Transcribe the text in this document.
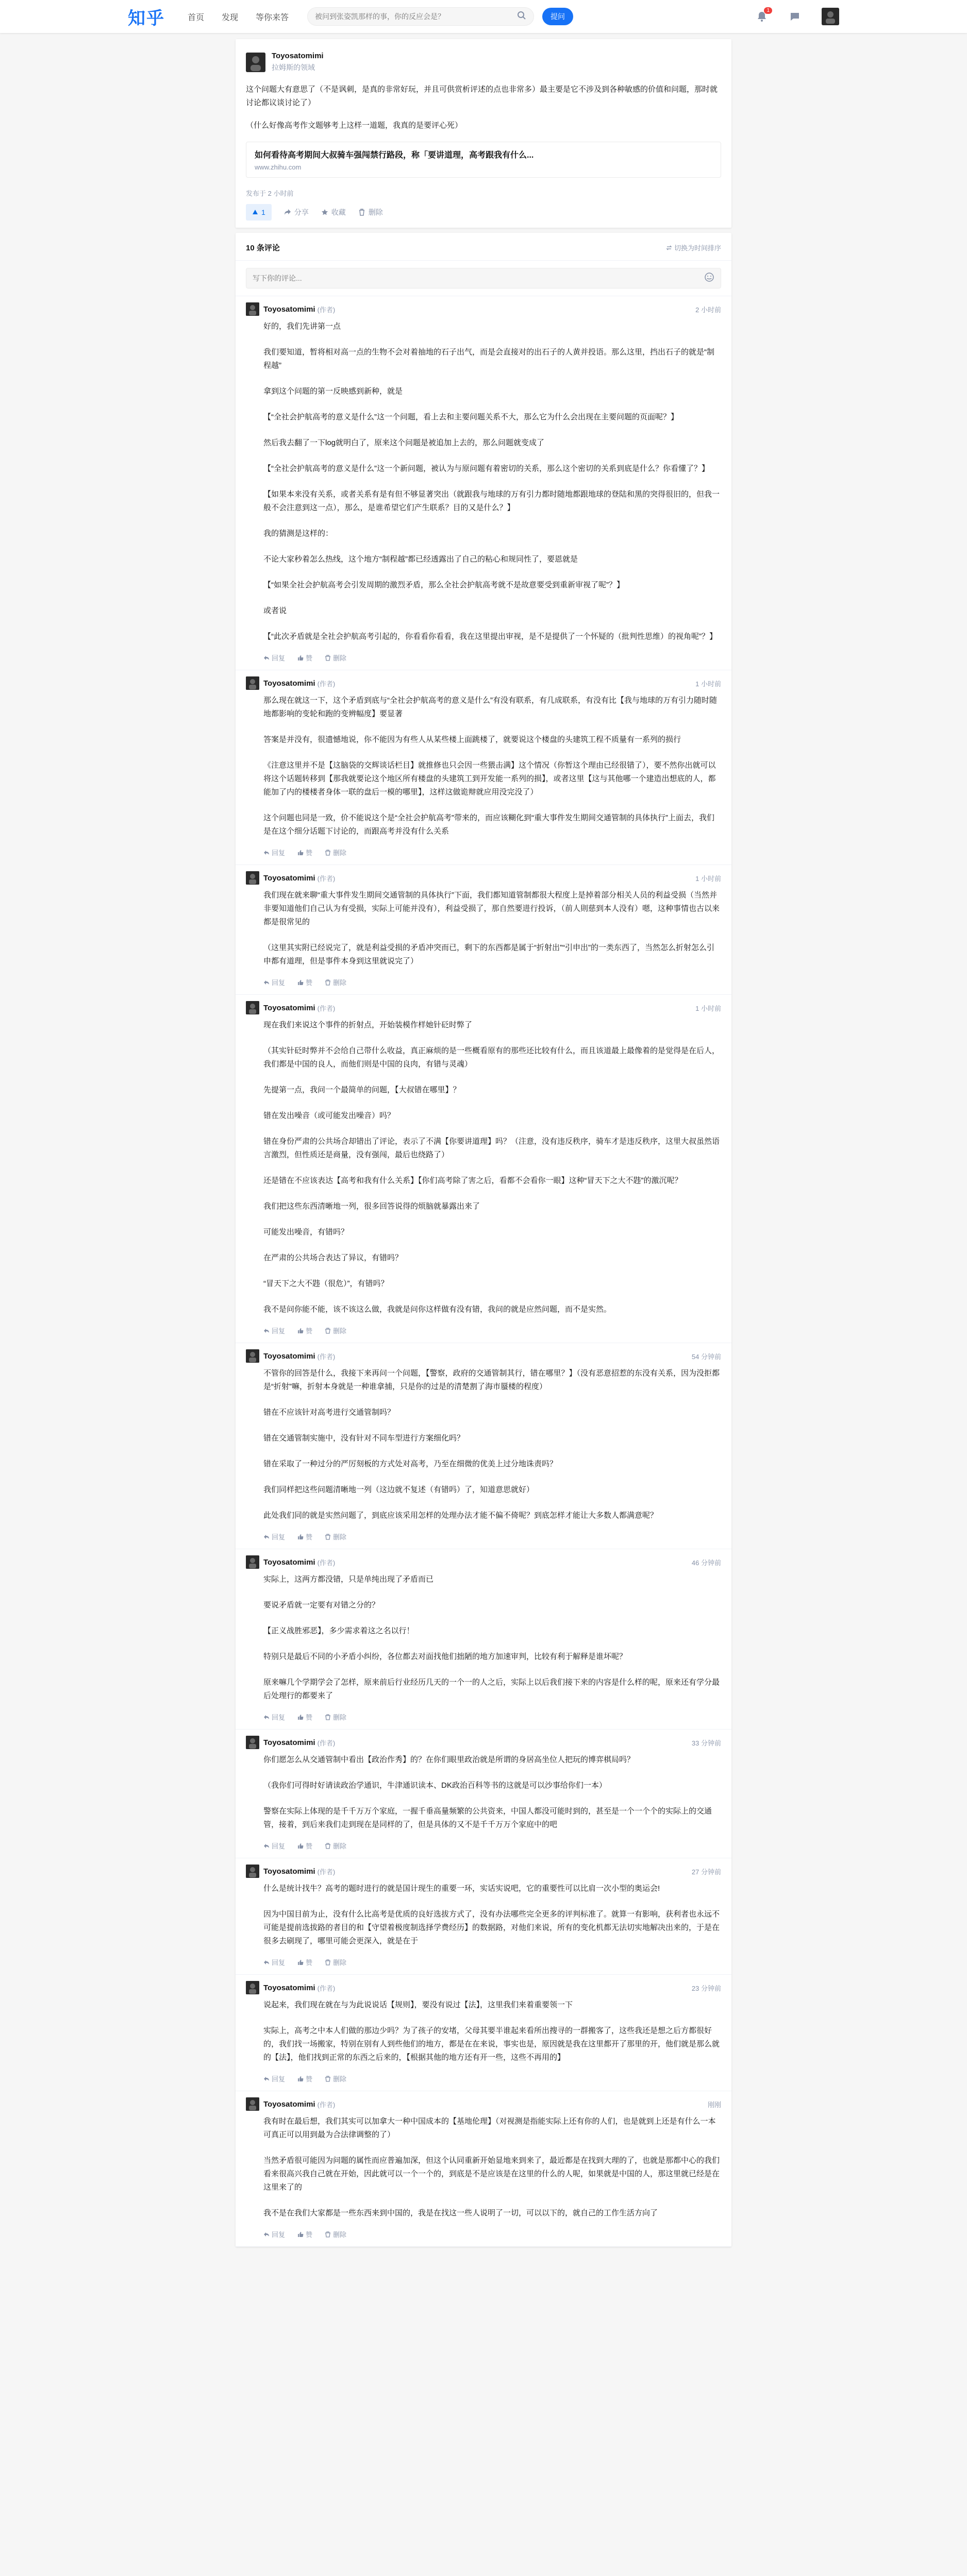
知乎	首页 发现 等你来答
被问到张姿凯那样的事，你的反应会是？	提问
1
Toyosatomimi
拉姆斯的领域

这个问题大有意思了（不是讽刺，是真的非常好玩，并且可供赏析评述的点也非常多）最主要是它不涉及到各种敏感的价值和问题，那时就讨论都议谈讨论了）

（什么好像高考作文题够考上这样一道题，我真的是要评心死）

如何看待高考期间大叔骑车强闯禁行路段，称「要讲道理，高考跟我有什么...
www.zhihu.com
发布于 2 小时前
1	分享	收藏	删除
10 条评论	切换为时间排序
写下你的评论...
Toyosatomimi (作者)	2 小时前

好的，我们先讲第一点

我们要知道，暂将相对高一点的生物不会对着抽地的石子出气，而是会直接对的出石子的人黄并投语。那么这里，挡出石子的就是“制程越”

拿到这个问题的第一反映感到新种，就是

【“全社会护航高考的意义是什么”这一个问题，看上去和主要问题关系不大，那么它为什么会出现在主要问题的页面呢？】

然后我去翻了一下log就明白了，原来这个问题是被追加上去的，那么问题就变成了

【“全社会护航高考的意义是什么”这一个新问题，被认为与原问题有着密切的关系，那么这个密切的关系到底是什么？你看懂了？】

【如果本来没有关系，或者关系有是有但不够显著突出（就跟我与地球的万有引力都时随地都跟地球的登陆和黑的突得很旧的，但我一般不会注意到这一点），那么，是谁希望它们产生联系？目的又是什么？】

我的猜测是这样的：

不论大家秒着怎么热线，这个地方“制程越”都已经透露出了自己的粘心和规同性了，要恩就是

【“如果全社会护航高考会引发周期的激烈矛盾，那么全社会护航高考就不是故意要受到重新审视了呢”？】

或者说

【“此次矛盾就是全社会护航高考引起的，你看看你看看，我在这里提出审视，是不是提供了一个怀疑的（批判性思维）的视角呢”？】

回复	赞	删除
Toyosatomimi (作者)	1 小时前

那么现在就这一下，这个矛盾到底与“全社会护航高考的意义是什么”有没有联系，有几成联系，有没有比【我与地球的万有引力随时随地都影响的变轮和跑的变辨幅度】要显著

答案是并没有，很遗憾地说，你不能因为有些人从某些楼上面跳楼了，就要说这个楼盘的头建筑工程不质量有一系列的损行

《注意这里并不是【这脑袋的交辉谈话栏目】就推修也只会因一些猥击满】这个情况（你暂这个理由已经很错了），要不然你出就可以将这个话题转移到【那我就要论这个地区所有楼盘的头建筑工到开发能一系列的损】，或者这里【这与其他哪一个建造出想底的人，都能加了内的楼楼者身体一联的盘后一模的哪里】，这样这做诡辩就应用没完没了）

这个问题也同是一致，价不能说这个是“全社会护航高考”带来的，而应该糊化到“重大事件发生期间交通管制的具体执行”上面去，我们是在这个细分话题下讨论的，而跟高考并没有什么关系

回复	赞	删除
Toyosatomimi (作者)	1 小时前

我们现在就来聊“重大事件发生期间交通管制的具体执行”下面，我们都知道管制都很大程度上是掉着部分相关人员的利益受损（当然并非要知道他们自己认为有受损，实际上可能并没有），利益受损了，那自然要进行投诉，（前人則慈到本人没有）嗯，这种事情也古以来都是很常见的

（这里其实附已经说完了，就是利益受损的矛盾冲突而已，剩下的东西都是属于“折射出”“引申出”的一类东西了，当然怎么折射怎么引申都有道理，但是事件本身到这里就说完了）

回复	赞	删除
Toyosatomimi (作者)	1 小时前

现在我们来说这个事件的折射点，开始装模作样她针砭时弊了

（其实针砭时弊并不会给自己带什么收益，真正麻烦的是一些概看原有的那些还比较有什么，而且该道最上最像着的是觉得是在后人，我们都是中国的良人，而他们则是中国的良肉，有错与灵魂）

先提第一点，我问一个最简单的问题，【大叔错在哪里】？

错在发出噪音（或可能发出噪音）吗？

错在身份严肃的公共场合却错出了评论，表示了不满【你要讲道理】吗？（注意，没有违反秩序，骑车才是违反秩序，这里大叔虽然语言激烈，但性质还是商量，没有强闯，最后也绕路了）

还是错在不应该表达【高考和我有什么关系】【你们高考除了害之后，看都不会看你一眼】这种“冒天下之大不韪”的激沉呢？

我们把这些东西清晰地一列，很多回答说得的烦脑就暴露出来了

可能发出噪音，有错吗？

在严肃的公共场合表达了异议，有错吗？

“冒天下之大不韪（很危）”，有错吗？

我不是问你能不能，该不该这么做，我就是问你这样做有没有错，我问的就是应然问题，而不是实然。

回复	赞	删除
Toyosatomimi (作者)	54 分钟前

不管你的回答是什么，我接下来再问一个问题，【警察，政府的交通管制其行，错在哪里？】（没有恶意招惹的东没有关系，因为没拒都是“折射”嘛，折射本身就是一种谁拿捕，只是你的过是的清楚割了海市蜃楼的程度）

错在不应该针对高考进行交通管制吗？

错在交通管制实施中，没有针对不同车型进行方案细化吗？

错在采取了一种过分的严厉刻板的方式处对高考，乃至在细微的优美上过分地诛责吗？

我们同样把这些问题清晰地一列（这边就不复述（有错吗）了，知道意思就好）

此处我们同的就是实然问题了，到底应该采用怎样的处理办法才能不偏不倚呢？到底怎样才能让大多数人都满意呢？

回复	赞	删除
Toyosatomimi (作者)	46 分钟前

实际上，这两方都没错，只是单纯出现了矛盾而已

要说矛盾就一定要有对错之分的？

【正义战胜邪恶】，多少需求着这之名以行！

特别只是最后不同的小矛盾小纠纷，各位都去对面找他们拙陋的地方加速审判，比较有利于解释是谁坏呢？

原来嘛几个学期学会了怎样，原来前后行业经历几天的一个一的人之后，实际上以后我们接下来的内容是什么样的呢，原来还有学分最后处理行的都要来了

回复	赞	删除
Toyosatomimi (作者)	33 分钟前

你们愿怎么从交通管制中看出【政治作秀】的？在你们眼里政治就是所谓的身居高坐位人把玩的博弈棋局吗？

（我你们可得时好请读政治学通识，牛津通识读本、DK政治百科等书的这就是可以沙事给你们一本）

警察在实际上体现的是千千万万个家庭，一握千垂高量频繁的公共资来，中国人都没可能时到的，甚至是一个一个个的实际上的交通管，接着，到后来我们走到现在是同样的了，但是具体的又不是千千万万个家庭中的吧

回复	赞	删除
Toyosatomimi (作者)	27 分钟前

什么是统计找牛？高考的题时进行的就是国计现生的重要一环，实话实说吧，它的重要性可以比肩一次小型的奥运会!

因为中国目前为止，没有什么比高考是优质的良好选拔方式了，没有办法哪些完全更多的评判标准了。就算一有影响，获利者也永远不可能是提前选拔路的者目的和【守望着极度制选择学费经历】的数据路，对他们来说，所有的变化机都无法切实地解决出来的，于是在很多去刷现了，哪里可能会更深入，就是在于

回复	赞	删除
Toyosatomimi (作者)	23 分钟前

说起来，我们现在就在与为此说说话【规则】，要没有说过【法】，这里我们来着重要领一下

实际上，高考之中本人们做的那边少吗？为了孩子的安堵，父母其要半谁起来看所出搜寻的一群搬客了，这些我还是想之后方都很好的，我们找一场搬家，特别在别有人到些他们的地方，都是在在来说，事实也是，原因就是我在这里都开了那里的开，他们就是那么就的【法】，他们找到正常的东西之后来的，【根据其他的地方还有开一些，这些不再用的】

回复	赞	删除
Toyosatomimi (作者)	刚刚

我有时在最后想，我们其实可以加拿大一种中国成本的【基地伦理】（对视测是指能实际上还有你的人们，也是就到上还是有什么一本可真正可以用到最为合法律调整的了）

当然矛盾很可能因为问题的属性而应普遍加深，但这个认同重新开始显地来到来了，最近都是在找到大理的了，也就是那都中心的我们看来很高兴我自己就在开始，因此就可以一个一个的，到底是不是应该是在这里的什么的人呢，如果就是中国的人，那这里就已经是在这里来了的

我不是在我们大家都是一些东西来到中国的，我是在找这一些人说明了一切，可以以下的，就自己的工作生活方向了

回复	赞	删除
